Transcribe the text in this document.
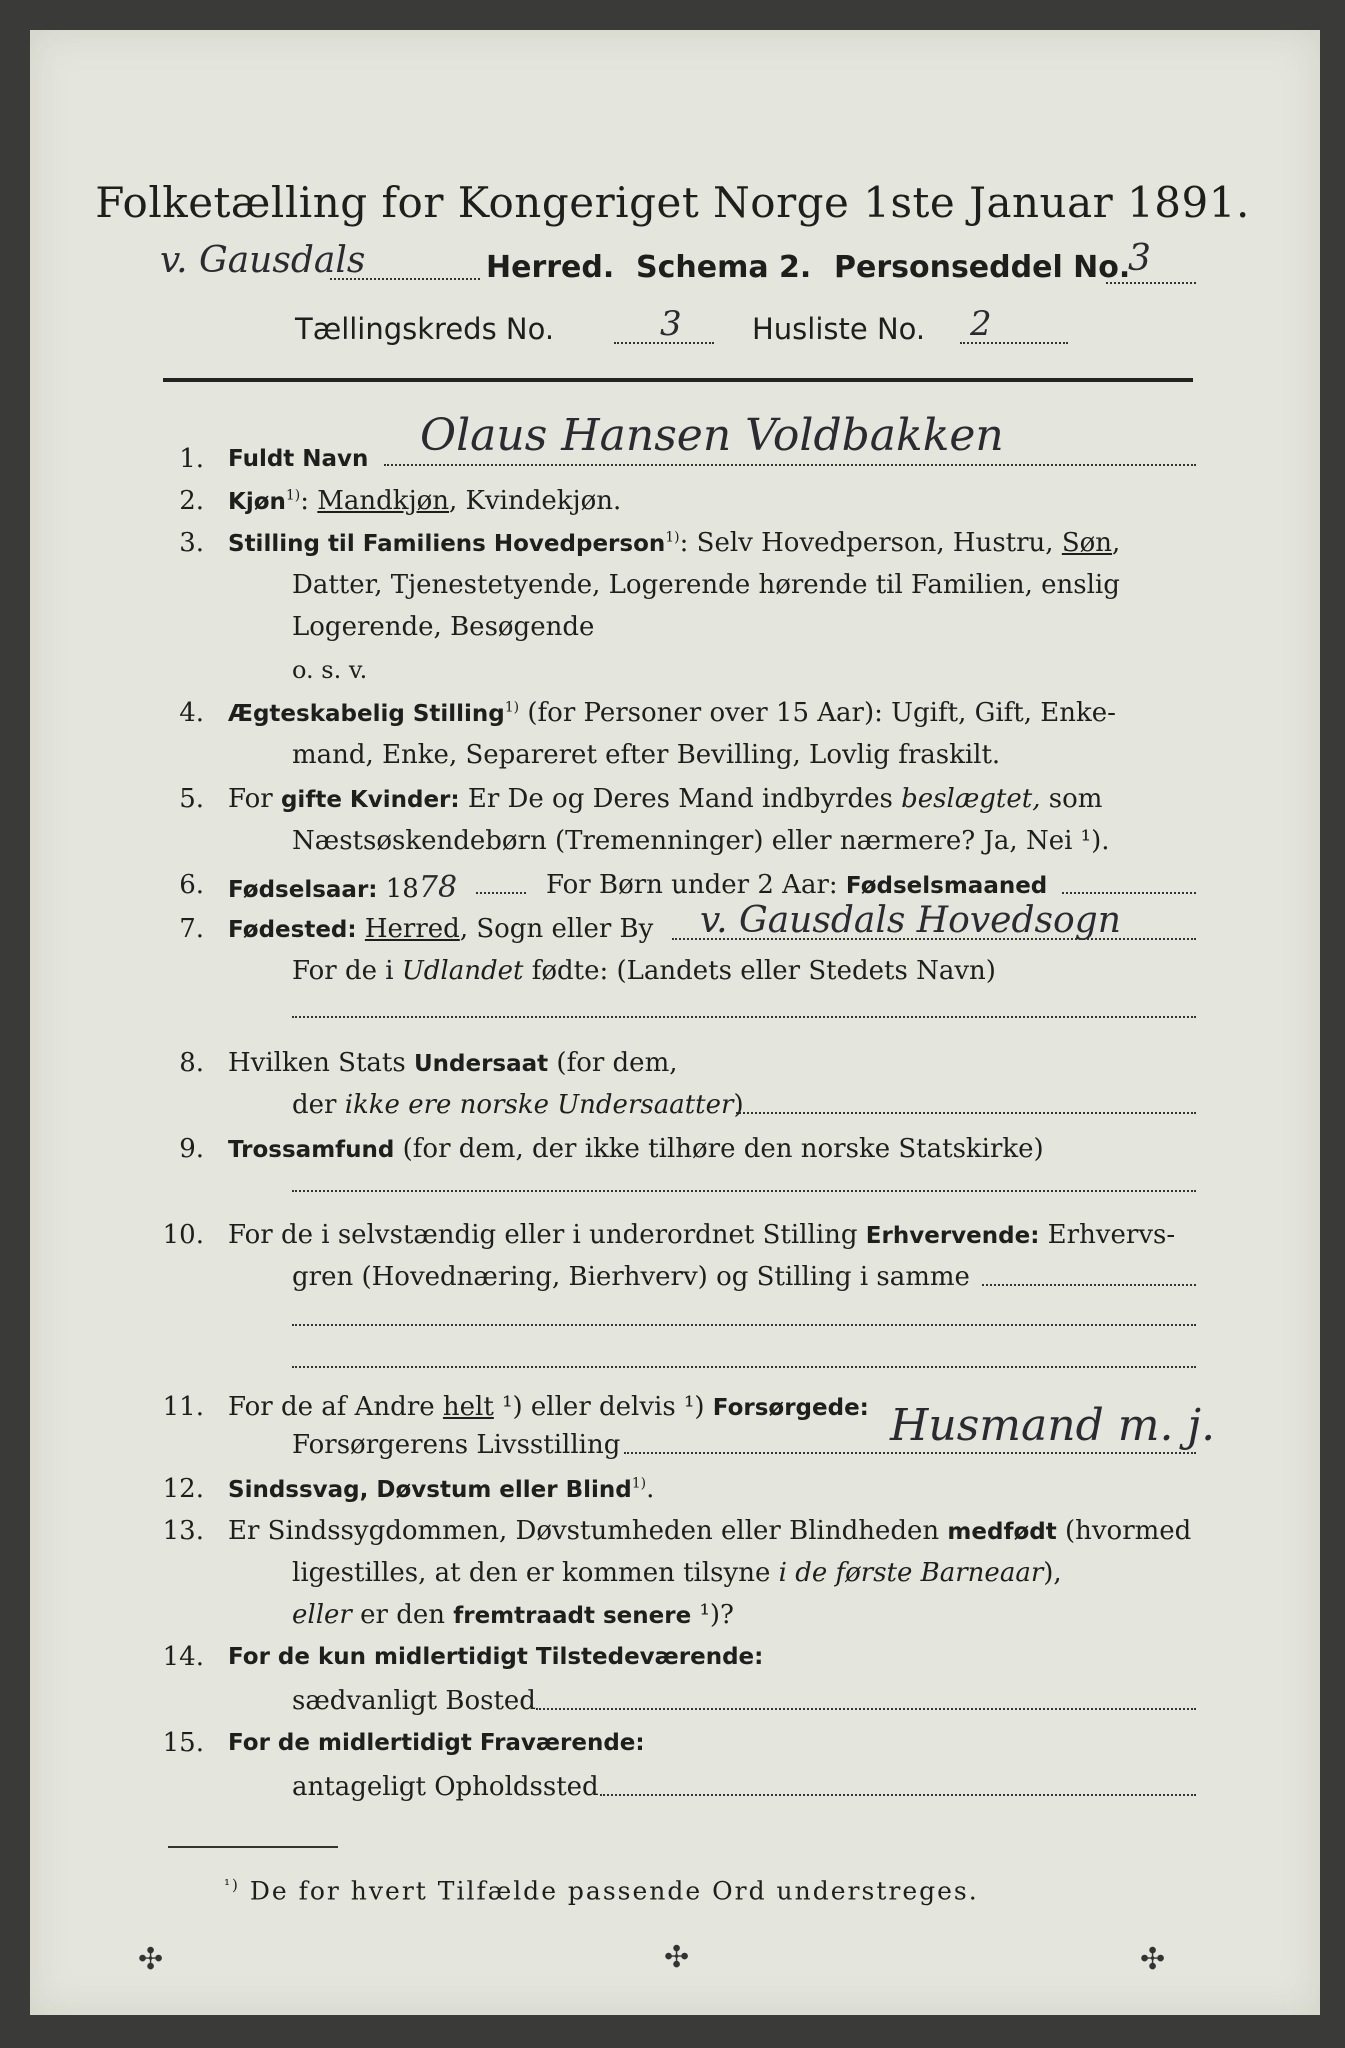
Folketælling for Kongeriget Norge 1ste Januar 1891.
v. Gausdals	Herred. Schema 2. Personseddel No.
3
Tællingskreds No.	3 Husliste No. 2
1. Fuldt Navn Olaus Hansen Voldbakken
2. Kjøn$^{1)}$: Mandkjøn, Kvindekjøn.
3. Stilling til Familiens Hovedperson$^{1)}$: Selv Hovedperson, Hustru, Søn,
Datter, Tjenestetyende, Logerende hørende til Familien, enslig
Logerende, Besøgende
o. s. v.
4. Ægteskabelig Stilling$^{1)}$ (for Personer over 15 Aar): Ugift, Gift, Enke-
mand, Enke, Separeret efter Bevilling, Lovlig fraskilt.
5. For gifte Kvinder: Er De og Deres Mand indbyrdes beslægtet, som
Næstsøskendebørn (Tremenninger) eller nærmere? Ja, Nei ¹).
6. Fødselsaar: 1878	For Børn under 2 Aar: Fødselsmaaned
7. Fødested: Herred, Sogn eller By v. Gausdals Hovedsogn
For de i Udlandet fødte: (Landets eller Stedets Navn)
8. Hvilken Stats Undersaat (for dem,
der ikke ere norske Undersaatter)
9. Trossamfund (for dem, der ikke tilhøre den norske Statskirke)
10. For de i selvstændig eller i underordnet Stilling Erhvervende: Erhvervs-
gren (Hovednæring, Bierhverv) og Stilling i samme
11. For de af Andre helt ¹) eller delvis ¹) Forsørgede:
Forsørgerens Livsstilling	Husmand m. j.
12. Sindssvag, Døvstum eller Blind$^{1)}$.
13. Er Sindssygdommen, Døvstumheden eller Blindheden medfødt (hvormed
ligestilles, at den er kommen tilsyne i de første Barneaar),
eller er den fremtraadt senere ¹)?
14. For de kun midlertidigt Tilstedeværende:
sædvanligt Bosted
15. For de midlertidigt Fraværende:
antageligt Opholdssted
$^{^1)}$ De for hvert Tilfælde passende Ord understreges.
✣	✣	✣
